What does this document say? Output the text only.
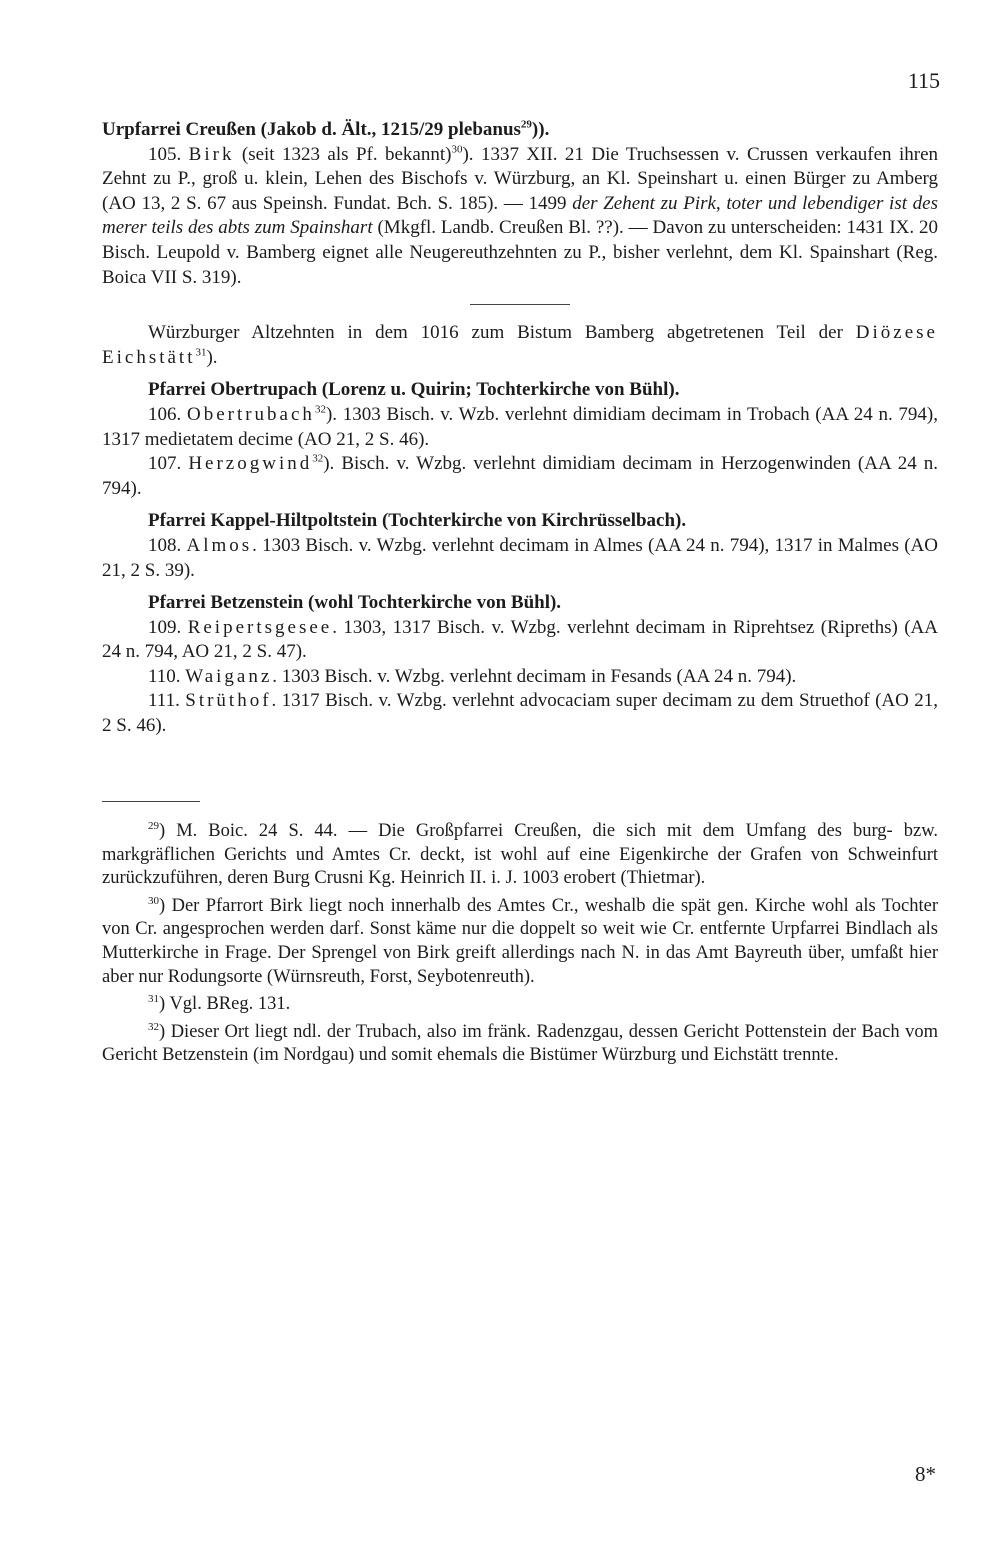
115

Urpfarrei Creußen (Jakob d. Ält., 1215/29 plebanus$^{29}$)).

105. Birk (seit 1323 als Pf. bekannt)$^{30}$). 1337 XII. 21 Die Truchsessen v. Crussen verkaufen ihren Zehnt zu P., groß u. klein, Lehen des Bischofs v. Würzburg, an Kl. Speinshart u. einen Bürger zu Amberg (AO 13, 2 S. 67 aus Speinsh. Fundat. Bch. S. 185). — 1499 der Zehent zu Pirk, toter und lebendiger ist des merer teils des abts zum Spainshart (Mkgfl. Landb. Creußen Bl. ??). — Davon zu unterscheiden: 1431 IX. 20 Bisch. Leupold v. Bamberg eignet alle Neugereuthzehnten zu P., bisher verlehnt, dem Kl. Spainshart (Reg. Boica VII S. 319).

Würzburger Altzehnten in dem 1016 zum Bistum Bamberg abgetretenen Teil der Diözese Eichstätt$^{31}$).

Pfarrei Obertrupach (Lorenz u. Quirin; Tochterkirche von Bühl).

106. Obertrubach$^{32}$). 1303 Bisch. v. Wzb. verlehnt dimidiam decimam in Trobach (AA 24 n. 794), 1317 medietatem decime (AO 21, 2 S. 46).

107. Herzogwind$^{32}$). Bisch. v. Wzbg. verlehnt dimidiam decimam in Herzogenwinden (AA 24 n. 794).

Pfarrei Kappel-Hiltpoltstein (Tochterkirche von Kirchrüsselbach).

108. Almos. 1303 Bisch. v. Wzbg. verlehnt decimam in Almes (AA 24 n. 794), 1317 in Malmes (AO 21, 2 S. 39).

Pfarrei Betzenstein (wohl Tochterkirche von Bühl).

109. Reipertsgesee. 1303, 1317 Bisch. v. Wzbg. verlehnt decimam in Riprehtsez (Ripreths) (AA 24 n. 794, AO 21, 2 S. 47).

110. Waiganz. 1303 Bisch. v. Wzbg. verlehnt decimam in Fesands (AA 24 n. 794).

111. Strüthof. 1317 Bisch. v. Wzbg. verlehnt advocaciam super decimam zu dem Struethof (AO 21, 2 S. 46).

$^{29}$) M. Boic. 24 S. 44. — Die Großpfarrei Creußen, die sich mit dem Umfang des burg- bzw. markgräflichen Gerichts und Amtes Cr. deckt, ist wohl auf eine Eigenkirche der Grafen von Schweinfurt zurückzuführen, deren Burg Crusni Kg. Heinrich II. i. J. 1003 erobert (Thietmar).

$^{30}$) Der Pfarrort Birk liegt noch innerhalb des Amtes Cr., weshalb die spät gen. Kirche wohl als Tochter von Cr. angesprochen werden darf. Sonst käme nur die doppelt so weit wie Cr. entfernte Urpfarrei Bindlach als Mutterkirche in Frage. Der Sprengel von Birk greift allerdings nach N. in das Amt Bayreuth über, umfaßt hier aber nur Rodungsorte (Würnsreuth, Forst, Seybotenreuth).

$^{31}$) Vgl. BReg. 131.

$^{32}$) Dieser Ort liegt ndl. der Trubach, also im fränk. Radenzgau, dessen Gericht Pottenstein der Bach vom Gericht Betzenstein (im Nordgau) und somit ehemals die Bistümer Würzburg und Eichstätt trennte.

8*
